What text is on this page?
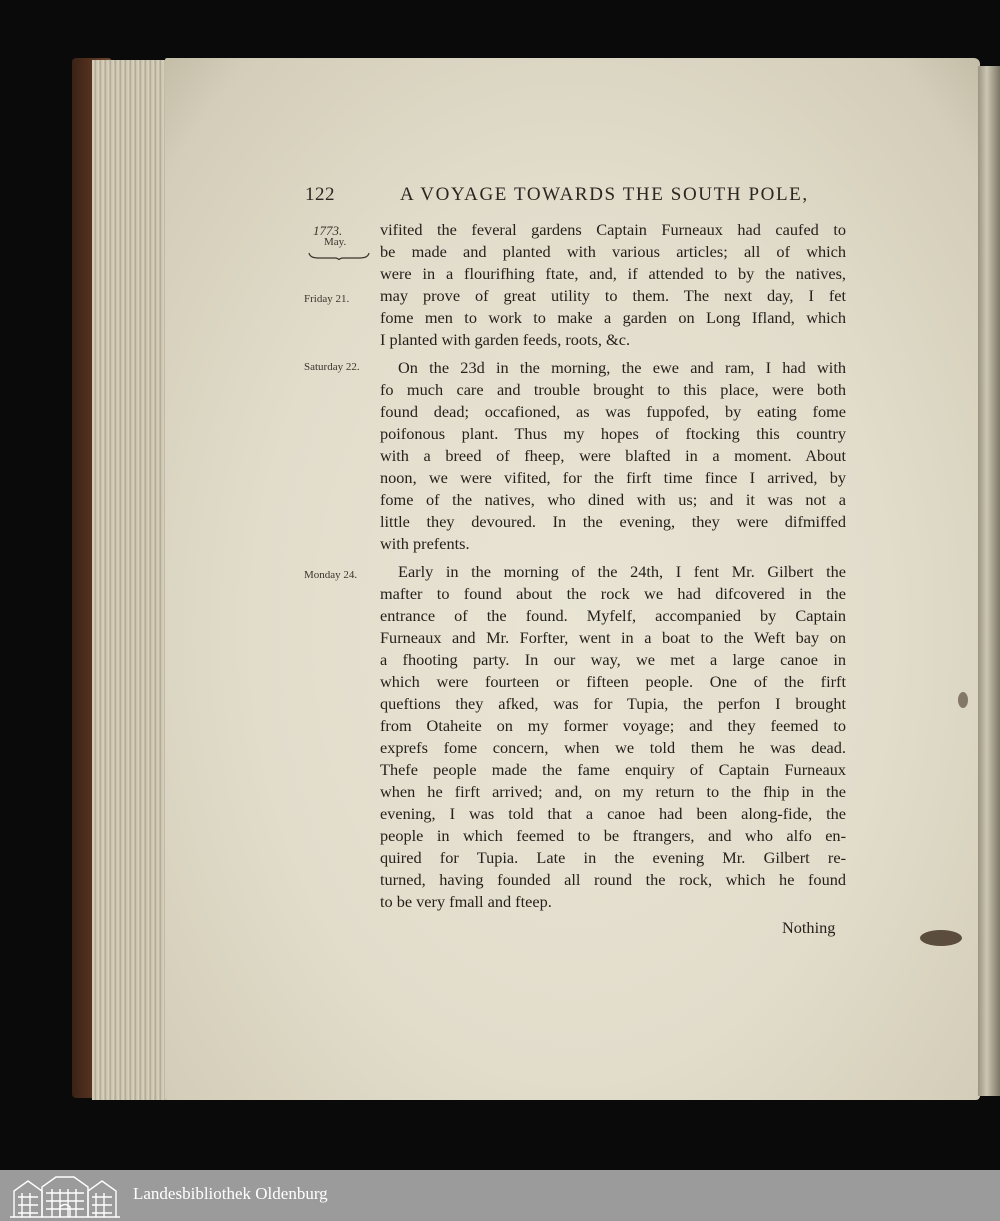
122	A VOYAGE TOWARDS THE SOUTH POLE,
1773.
May.
Friday 21.
Saturday 22.
Monday 24.
vifited the feveral gardens Captain Furneaux had caufed to
be made and planted with various articles; all of which
were in a flourifhing ftate, and, if attended to by the natives,
may prove of great utility to them. The next day, I fet
fome men to work to make a garden on Long Ifland, which
I planted with garden feeds, roots, &c.
On the 23d in the morning, the ewe and ram, I had with
fo much care and trouble brought to this place, were both
found dead; occafioned, as was fuppofed, by eating fome
poifonous plant. Thus my hopes of ftocking this country
with a breed of fheep, were blafted in a moment. About
noon, we were vifited, for the firft time fince I arrived, by
fome of the natives, who dined with us; and it was not a
little they devoured. In the evening, they were difmiffed
with prefents.
Early in the morning of the 24th, I fent Mr. Gilbert the
mafter to found about the rock we had difcovered in the
entrance of the found. Myfelf, accompanied by Captain
Furneaux and Mr. Forfter, went in a boat to the Weft bay on
a fhooting party. In our way, we met a large canoe in
which were fourteen or fifteen people. One of the firft
queftions they afked, was for Tupia, the perfon I brought
from Otaheite on my former voyage; and they feemed to
exprefs fome concern, when we told them he was dead.
Thefe people made the fame enquiry of Captain Furneaux
when he firft arrived; and, on my return to the fhip in the
evening, I was told that a canoe had been along-fide, the
people in which feemed to be ftrangers, and who alfo en-
quired for Tupia. Late in the evening Mr. Gilbert re-
turned, having founded all round the rock, which he found
to be very fmall and fteep.
Nothing
Landesbibliothek Oldenburg
